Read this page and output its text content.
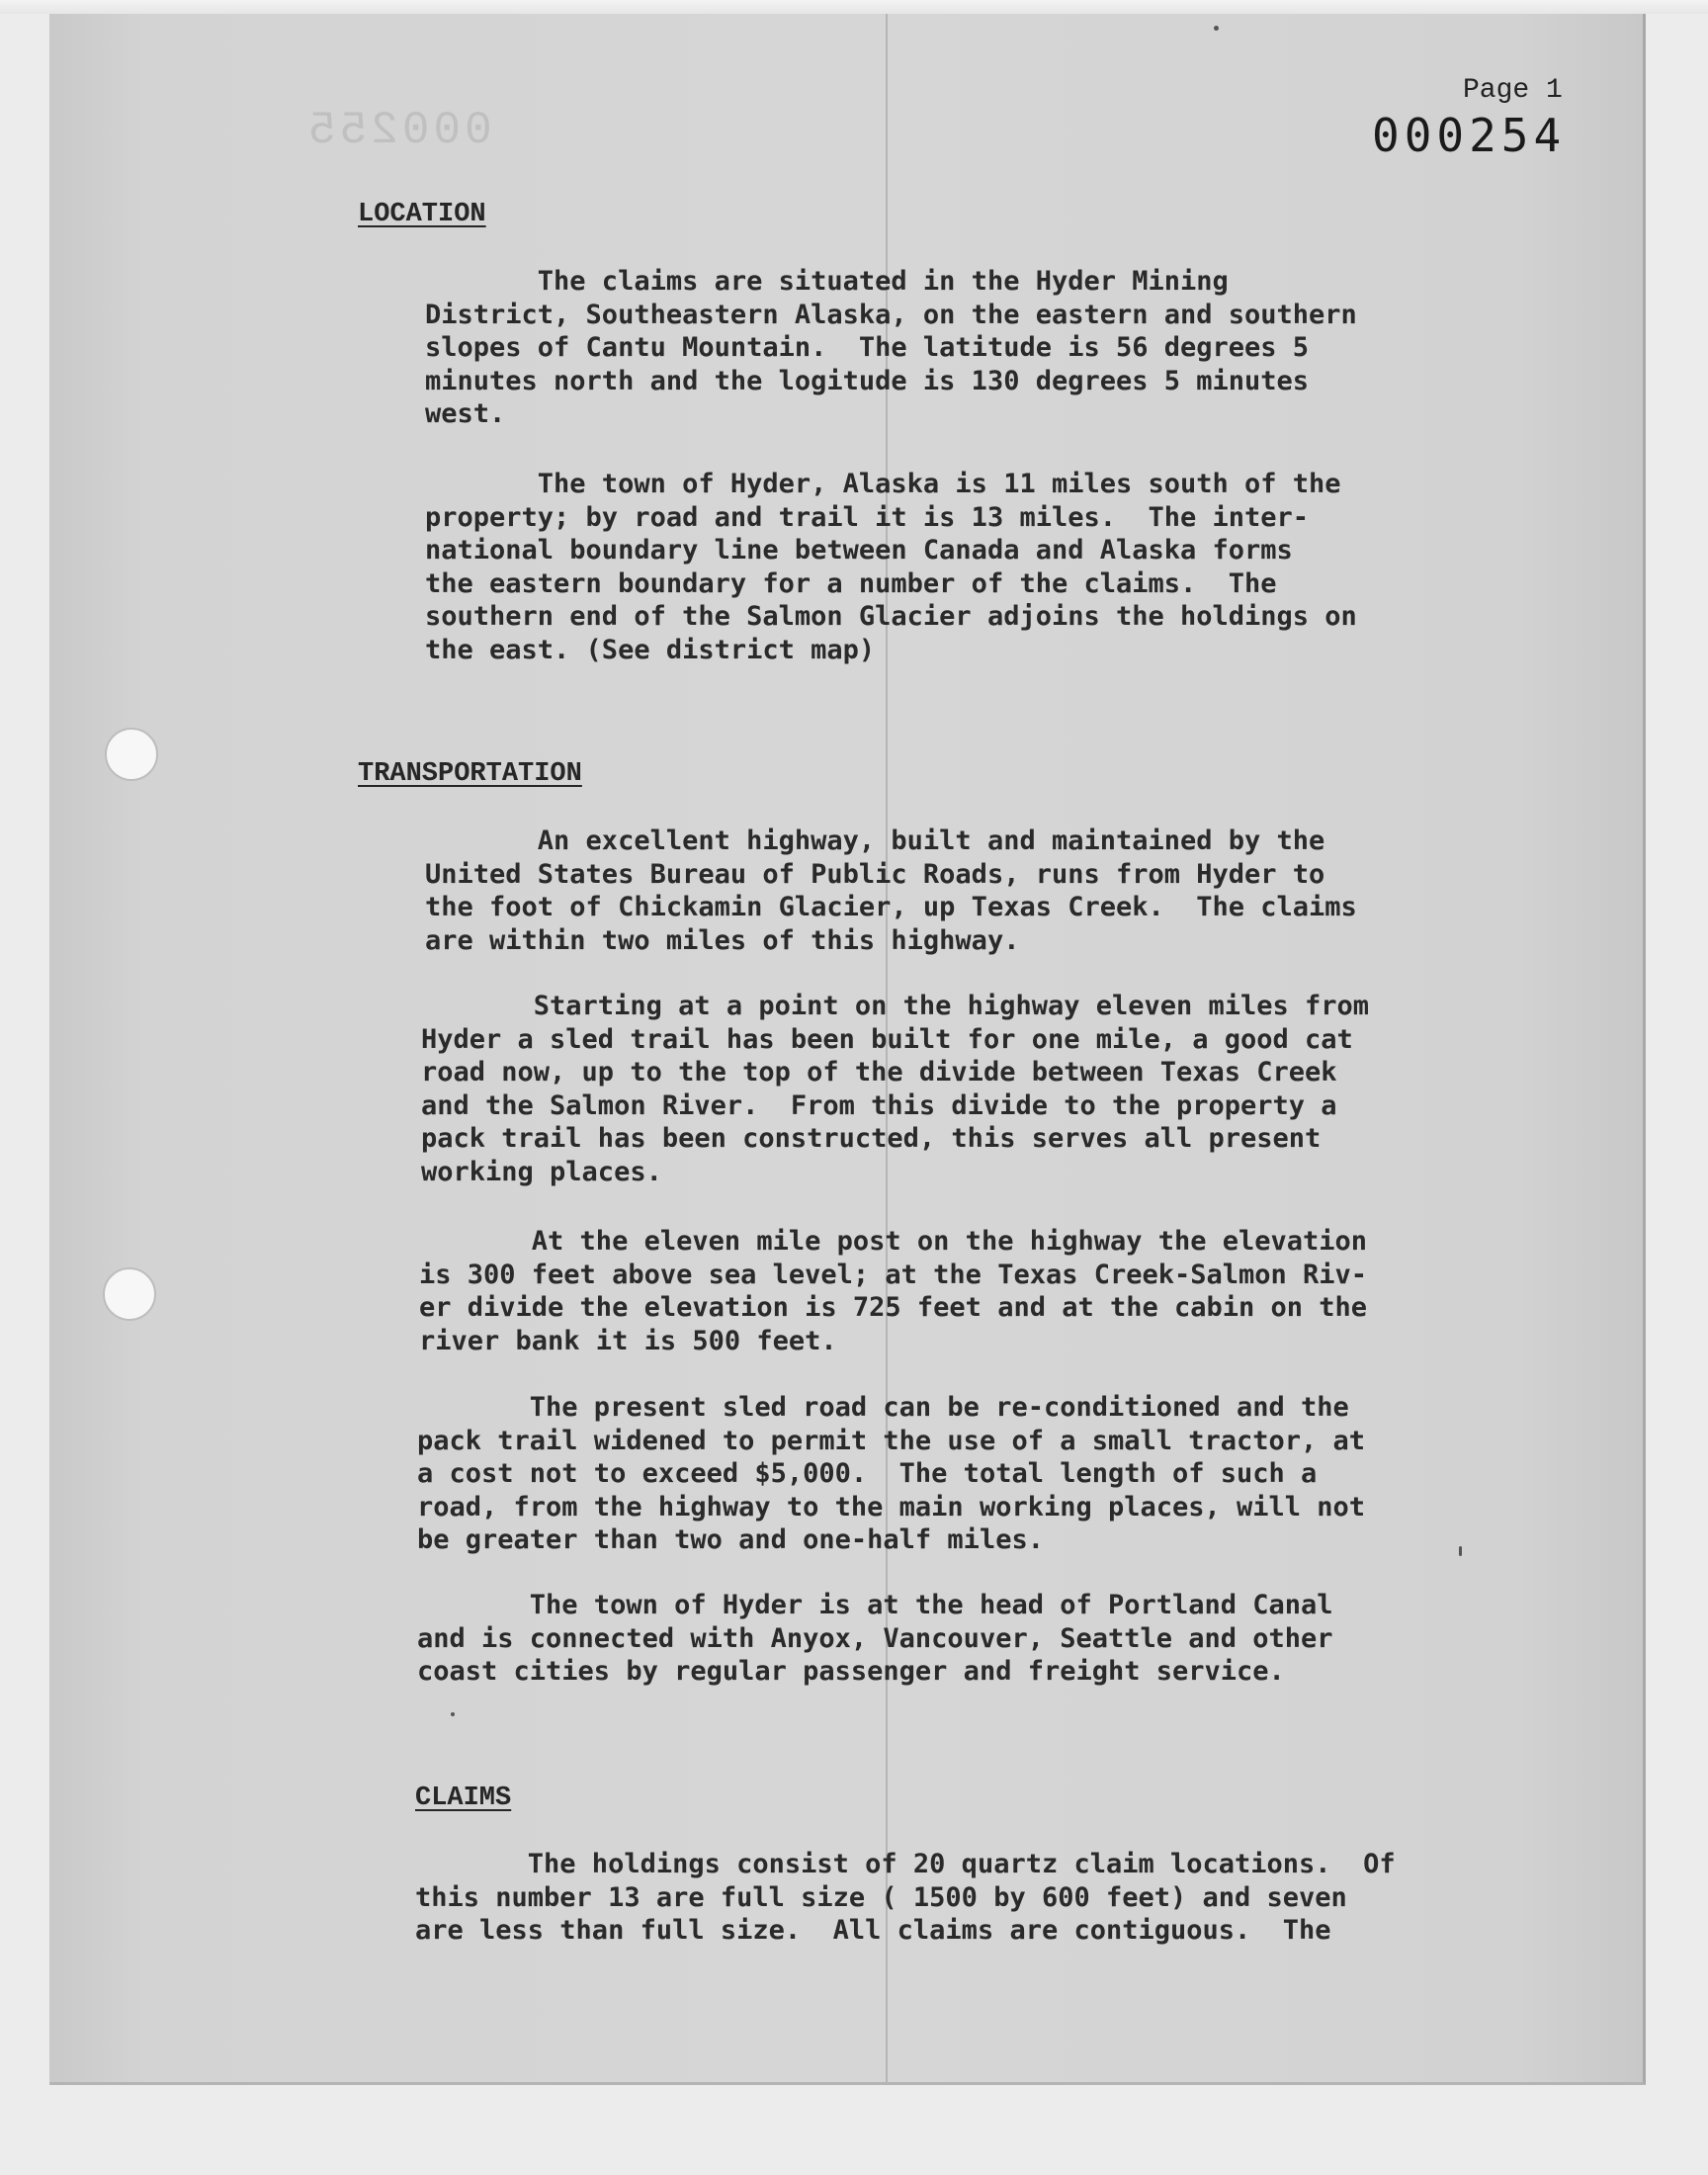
000255
Page 1
000254
LOCATION
The claims are situated in the Hyder Mining
District, Southeastern Alaska, on the eastern and southern
slopes of Cantu Mountain.  The latitude is 56 degrees 5
minutes north and the logitude is 130 degrees 5 minutes
west.
The town of Hyder, Alaska is 11 miles south of the
property; by road and trail it is 13 miles.  The inter-
national boundary line between Canada and Alaska forms
the eastern boundary for a number of the claims.  The
southern end of the Salmon Glacier adjoins the holdings on
the east. (See district map)
TRANSPORTATION
An excellent highway, built and maintained by the
United States Bureau of Public Roads, runs from Hyder to
the foot of Chickamin Glacier, up Texas Creek.  The claims
are within two miles of this highway.
Starting at a point on the highway eleven miles from
Hyder a sled trail has been built for one mile, a good cat
road now, up to the top of the divide between Texas Creek
and the Salmon River.  From this divide to the property a
pack trail has been constructed, this serves all present
working places.
At the eleven mile post on the highway the elevation
is 300 feet above sea level; at the Texas Creek-Salmon Riv-
er divide the elevation is 725 feet and at the cabin on the
river bank it is 500 feet.
The present sled road can be re-conditioned and the
pack trail widened to permit the use of a small tractor, at
a cost not to exceed $5,000.  The total length of such a
road, from the highway to the main working places, will not
be greater than two and one-half miles.
The town of Hyder is at the head of Portland Canal
and is connected with Anyox, Vancouver, Seattle and other
coast cities by regular passenger and freight service.
CLAIMS
The holdings consist of 20 quartz claim locations.  Of
this number 13 are full size ( 1500 by 600 feet) and seven
are less than full size.  All claims are contiguous.  The
